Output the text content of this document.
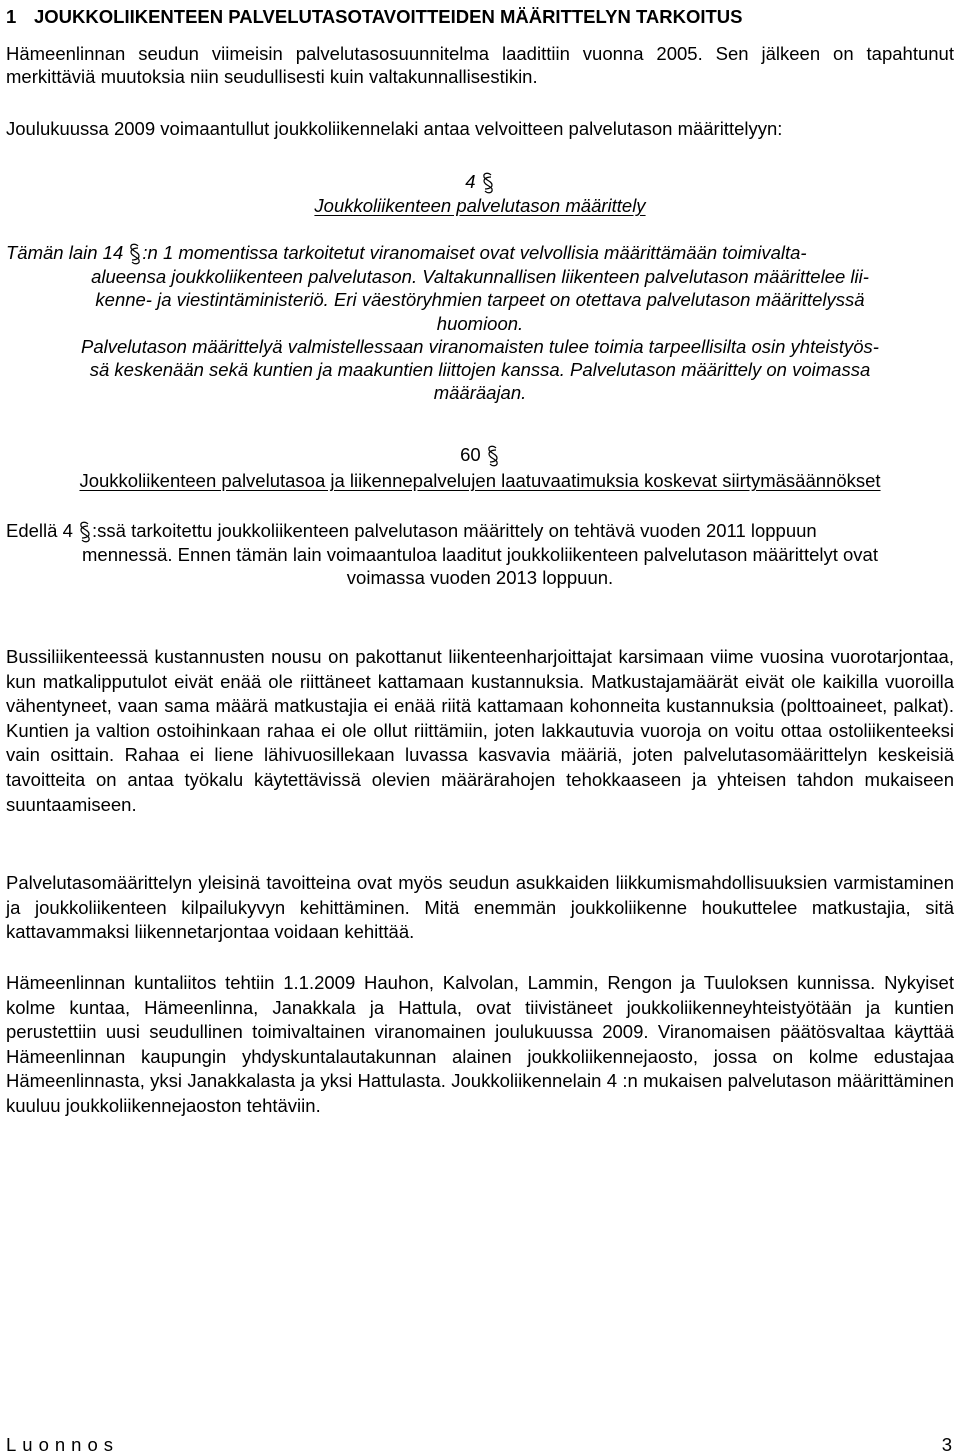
1 JOUKKOLIIKENTEEN PALVELUTASOTAVOITTEIDEN MÄÄRITTELYN TARKOITUS

Hämeenlinnan seudun viimeisin palvelutasosuunnitelma laadittiin vuonna 2005. Sen jälkeen on tapahtunut merkittäviä muutoksia niin seudullisesti kuin valtakunnallisestikin.

Joulukuussa 2009 voimaantullut joukkoliikennelaki antaa velvoitteen palvelutason määrittelyyn:

4
Joukkoliikenteen palvelutason määrittely
Tämän lain 14 :n 1 momentissa tarkoitetut viranomaiset ovat velvollisia määrittämään toimivalta-
alueensa joukkoliikenteen palvelutason. Valtakunnallisen liikenteen palvelutason määrittelee lii-
kenne- ja viestintäministeriö. Eri väestöryhmien tarpeet on otettava palvelutason määrittelyssä
huomioon.
Palvelutason määrittelyä valmistellessaan viranomaisten tulee toimia tarpeellisilta osin yhteistyös-
sä keskenään sekä kuntien ja maakuntien liittojen kanssa. Palvelutason määrittely on voimassa
määräajan.
60
Joukkoliikenteen palvelutasoa ja liikennepalvelujen laatuvaatimuksia koskevat siirtymäsäännökset
Edellä 4 :ssä tarkoitettu joukkoliikenteen palvelutason määrittely on tehtävä vuoden 2011 loppuun
mennessä. Ennen tämän lain voimaantuloa laaditut joukkoliikenteen palvelutason määrittelyt ovat
voimassa vuoden 2013 loppuun.

Bussiliikenteessä kustannusten nousu on pakottanut liikenteenharjoittajat karsimaan viime vuosina vuorotarjontaa, kun matkalipputulot eivät enää ole riittäneet kattamaan kustannuksia. Matkustajamäärät eivät ole kaikilla vuoroilla vähentyneet, vaan sama määrä matkustajia ei enää riitä kattamaan kohonneita kustannuksia (polttoaineet, palkat). Kuntien ja valtion ostoihinkaan rahaa ei ole ollut riittämiin, joten lakkautuvia vuoroja on voitu ottaa ostoliikenteeksi vain osittain. Rahaa ei liene lähivuosillekaan luvassa kasvavia määriä, joten palvelutasomäärittelyn keskeisiä tavoitteita on antaa työkalu käytettävissä olevien määrärahojen tehokkaaseen ja yhteisen tahdon mukaiseen suuntaamiseen.

Palvelutasomäärittelyn yleisinä tavoitteina ovat myös seudun asukkaiden liikkumismahdollisuuksien varmistaminen ja joukkoliikenteen kilpailukyvyn kehittäminen. Mitä enemmän joukkoliikenne houkuttelee matkustajia, sitä kattavammaksi liikennetarjontaa voidaan kehittää.

Hämeenlinnan kuntaliitos tehtiin 1.1.2009 Hauhon, Kalvolan, Lammin, Rengon ja Tuuloksen kunnissa. Nykyiset kolme kuntaa, Hämeenlinna, Janakkala ja Hattula, ovat tiivistäneet joukkoliikenneyhteistyötään ja kuntien perustettiin uusi seudullinen toimivaltainen viranomainen joulukuussa 2009. Viranomaisen päätösvaltaa käyttää Hämeenlinnan kaupungin yhdyskuntalautakunnan alainen joukkoliikennejaosto, jossa on kolme edustajaa Hämeenlinnasta, yksi Janakkalasta ja yksi Hattulasta. Joukkoliikennelain 4 :n mukaisen palvelutason määrittäminen kuuluu joukkoliikennejaoston tehtäviin.

Luonnos	3
